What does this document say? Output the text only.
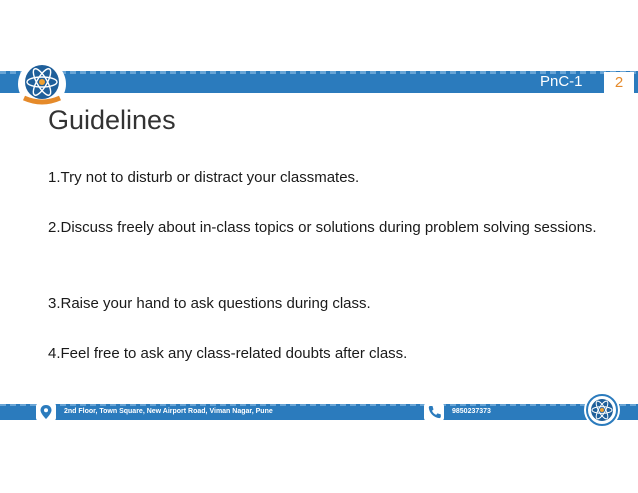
PnC-1	2
Guidelines
1.Try not to disturb or distract your classmates.
2.Discuss freely about in-class topics or solutions during problem solving sessions.
3.Raise your hand to ask questions during class.
4.Feel free to ask any class-related doubts after class.
2nd Floor, Town Square, New Airport Road, Viman Nagar, Pune	9850237373
